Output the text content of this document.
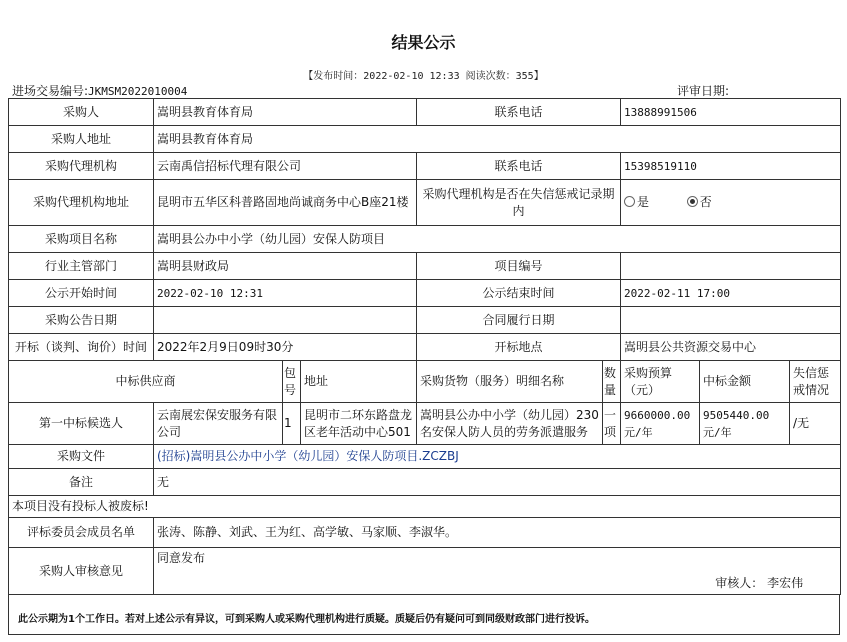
结果公示
【发布时间：2022-02-10 12:33 阅读次数：355】
进场交易编号:JKMSM2022010004	评审日期:
采购人	嵩明县教育体育局			联系电话		13888991506		
采购人地址	嵩明县教育体育局							
采购代理机构	云南禹信招标代理有限公司			联系电话		15398519110		
采购代理机构地址	昆明市五华区科普路固地尚诚商务中心B座21楼			采购代理机构是否在失信惩戒记录期内		是 否		
采购项目名称	嵩明县公办中小学（幼儿园）安保人防项目							
行业主管部门	嵩明县财政局			项目编号				
公示开始时间	2022-02-10 12:31			公示结束时间		2022-02-11 17:00		
采购公告日期				合同履行日期				
开标（谈判、询价）时间	2022年2月9日09时30分			开标地点		嵩明县公共资源交易中心		
中标供应商		包号	地址	采购货物（服务）明细名称	数量	采购预算（元）	中标金额	失信惩戒情况
第一中标候选人	云南展宏保安服务有限公司	1	昆明市二环东路盘龙区老年活动中心501	嵩明县公办中小学（幼儿园）230名安保人防人员的劳务派遣服务	一项	9660000.00元/年	9505440.00元/年	/无
采购文件	(招标)嵩明县公办中小学（幼儿园）安保人防项目.ZCZBJ							
备注	无							
本项目没有投标人被废标!								
评标委员会成员名单	张涛、陈静、刘武、王为红、高学敏、马家顺、李淑华。							
采购人审核意见	同意发布
审核人： 李宏伟							
此公示期为1个工作日。若对上述公示有异议，可到采购人或采购代理机构进行质疑。质疑后仍有疑问可到同级财政部门进行投诉。
